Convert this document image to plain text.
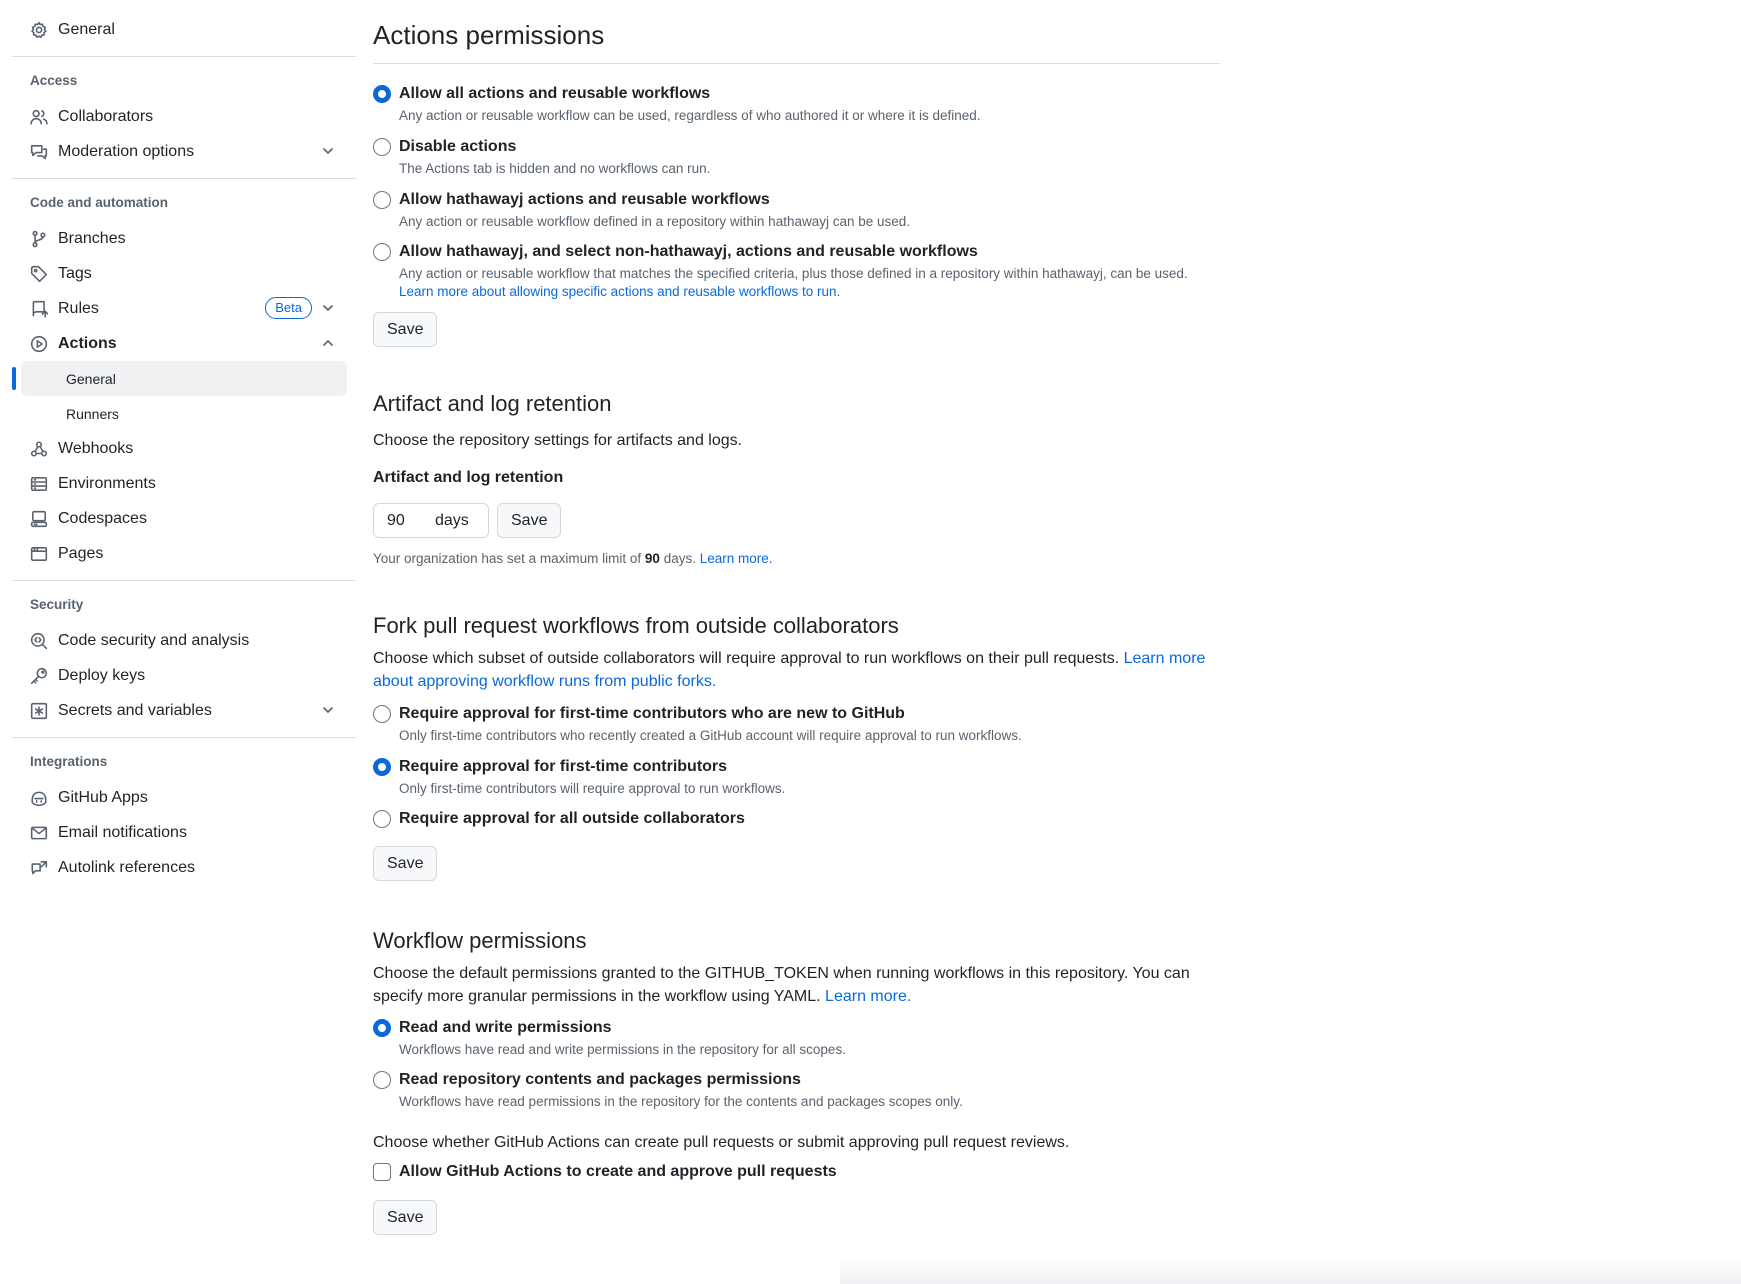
General
Access
Collaborators
Moderation options
Code and automation
Branches
Tags
Rules	Beta
Actions
General
Runners
Webhooks
Environments
Codespaces
Pages
Security
Code security and analysis
Deploy keys
Secrets and variables
Integrations
GitHub Apps
Email notifications
Autolink references
Actions permissions
Allow all actions and reusable workflows
Any action or reusable workflow can be used, regardless of who authored it or where it is defined.
Disable actions
The Actions tab is hidden and no workflows can run.
Allow hathawayj actions and reusable workflows
Any action or reusable workflow defined in a repository within hathawayj can be used.
Allow hathawayj, and select non-hathawayj, actions and reusable workflows
Any action or reusable workflow that matches the specified criteria, plus those defined in a repository within hathawayj, can be used. Learn more about allowing specific actions and reusable workflows to run.
Save
Artifact and log retention

Choose the repository settings for artifacts and logs.

Artifact and log retention
90
days	Save

Your organization has set a maximum limit of 90 days. Learn more.

Fork pull request workflows from outside collaborators

Choose which subset of outside collaborators will require approval to run workflows on their pull requests. Learn more about approving workflow runs from public forks.

Require approval for first-time contributors who are new to GitHub
Only first-time contributors who recently created a GitHub account will require approval to run workflows.
Require approval for first-time contributors
Only first-time contributors will require approval to run workflows.
Require approval for all outside collaborators
Save
Workflow permissions

Choose the default permissions granted to the GITHUB_TOKEN when running workflows in this repository. You can specify more granular permissions in the workflow using YAML. Learn more.

Read and write permissions
Workflows have read and write permissions in the repository for all scopes.
Read repository contents and packages permissions
Workflows have read permissions in the repository for the contents and packages scopes only.

Choose whether GitHub Actions can create pull requests or submit approving pull request reviews.

Allow GitHub Actions to create and approve pull requests
Save
